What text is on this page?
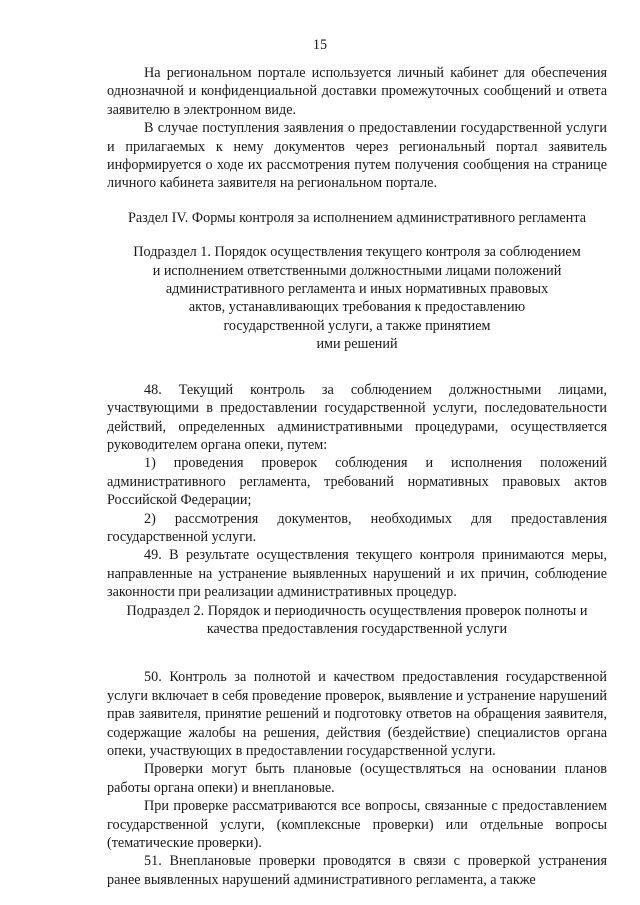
15

На региональном портале используется личный кабинет для обеспечения однозначной и конфиденциальной доставки промежуточных сообщений и ответа заявителю в электронном виде.

В случае поступления заявления о предоставлении государственной услуги и прилагаемых к нему документов через региональный портал заявитель информируется о ходе их рассмотрения путем получения сообщения на странице личного кабинета заявителя на региональном портале.

Раздел IV. Формы контроля за исполнением административного регламента

Подраздел 1. Порядок осуществления текущего контроля за соблюдением

и исполнением ответственными должностными лицами положений

административного регламента и иных нормативных правовых

актов, устанавливающих требования к предоставлению

государственной услуги, а также принятием

ими решений

48. Текущий контроль за соблюдением должностными лицами, участвующими в предоставлении государственной услуги, последовательности действий, определенных административными процедурами, осуществляется руководителем органа опеки, путем:

1) проведения проверок соблюдения и исполнения положений административного регламента, требований нормативных правовых актов Российской Федерации;

2) рассмотрения документов, необходимых для предоставления государственной услуги.

49. В результате осуществления текущего контроля принимаются меры, направленные на устранение выявленных нарушений и их причин, соблюдение законности при реализации административных процедур.

Подраздел 2. Порядок и периодичность осуществления проверок полноты и

качества предоставления государственной услуги

50. Контроль за полнотой и качеством предоставления государственной услуги включает в себя проведение проверок, выявление и устранение нарушений прав заявителя, принятие решений и подготовку ответов на обращения заявителя, содержащие жалобы на решения, действия (бездействие) специалистов органа опеки, участвующих в предоставлении государственной услуги.

Проверки могут быть плановые (осуществляться на основании планов работы органа опеки) и внеплановые.

При проверке рассматриваются все вопросы, связанные с предоставлением государственной услуги, (комплексные проверки) или отдельные вопросы (тематические проверки).

51. Внеплановые проверки проводятся в связи с проверкой устранения ранее выявленных нарушений административного регламента, а также
